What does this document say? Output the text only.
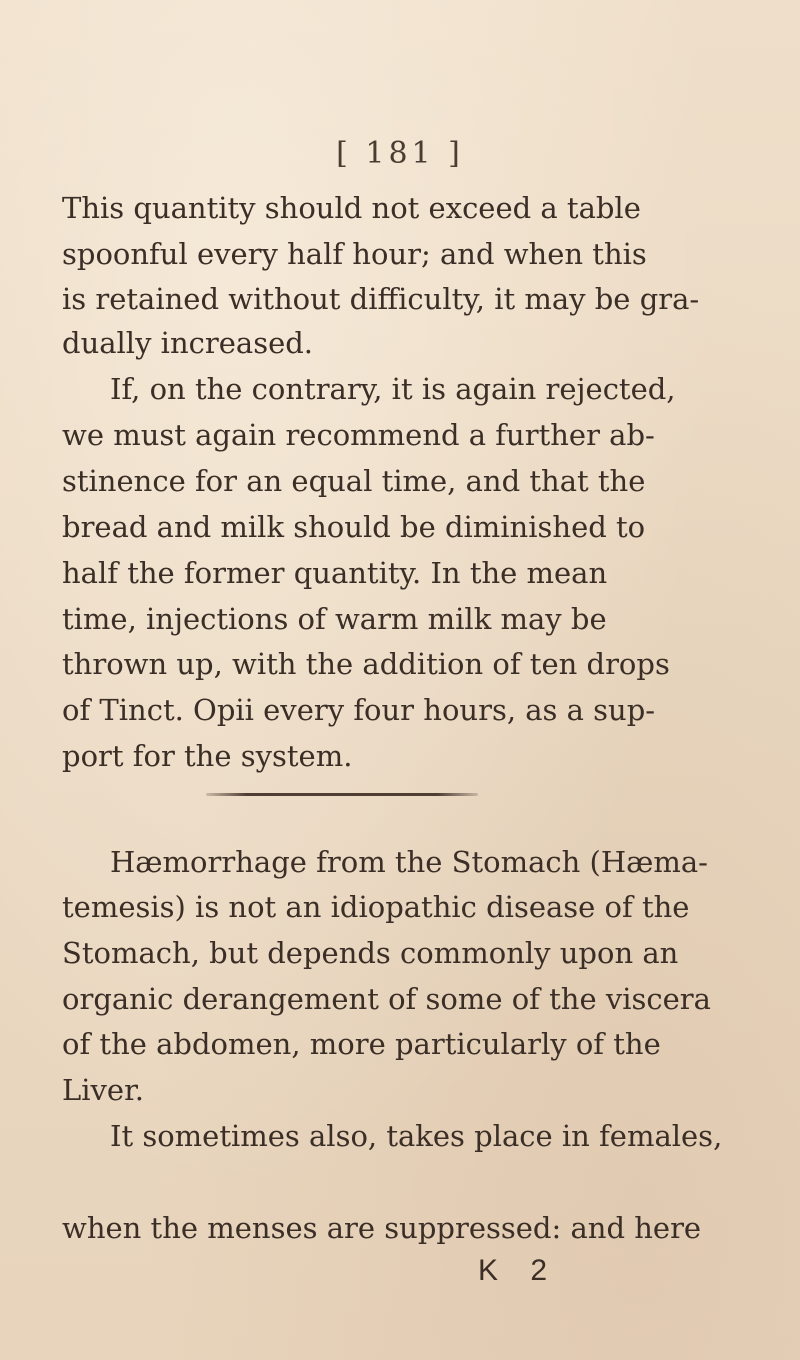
[ 181 ]
This quantity should not exceed a table
spoonful every half hour; and when this
is retained without difficulty, it may be gra-
dually increased.
If, on the contrary, it is again rejected,
we must again recommend a further ab-
stinence for an equal time, and that the
bread and milk should be diminished to
half the former quantity. In the mean
time, injections of warm milk may be
thrown up, with the addition of ten drops
of Tinct. Opii every four hours, as a sup-
port for the system.
Hæmorrhage from the Stomach (Hæma-
temesis) is not an idiopathic disease of the
Stomach, but depends commonly upon an
organic derangement of some of the viscera
of the abdomen, more particularly of the
Liver.
It sometimes also, takes place in females,
when the menses are suppressed: and here
K 2
